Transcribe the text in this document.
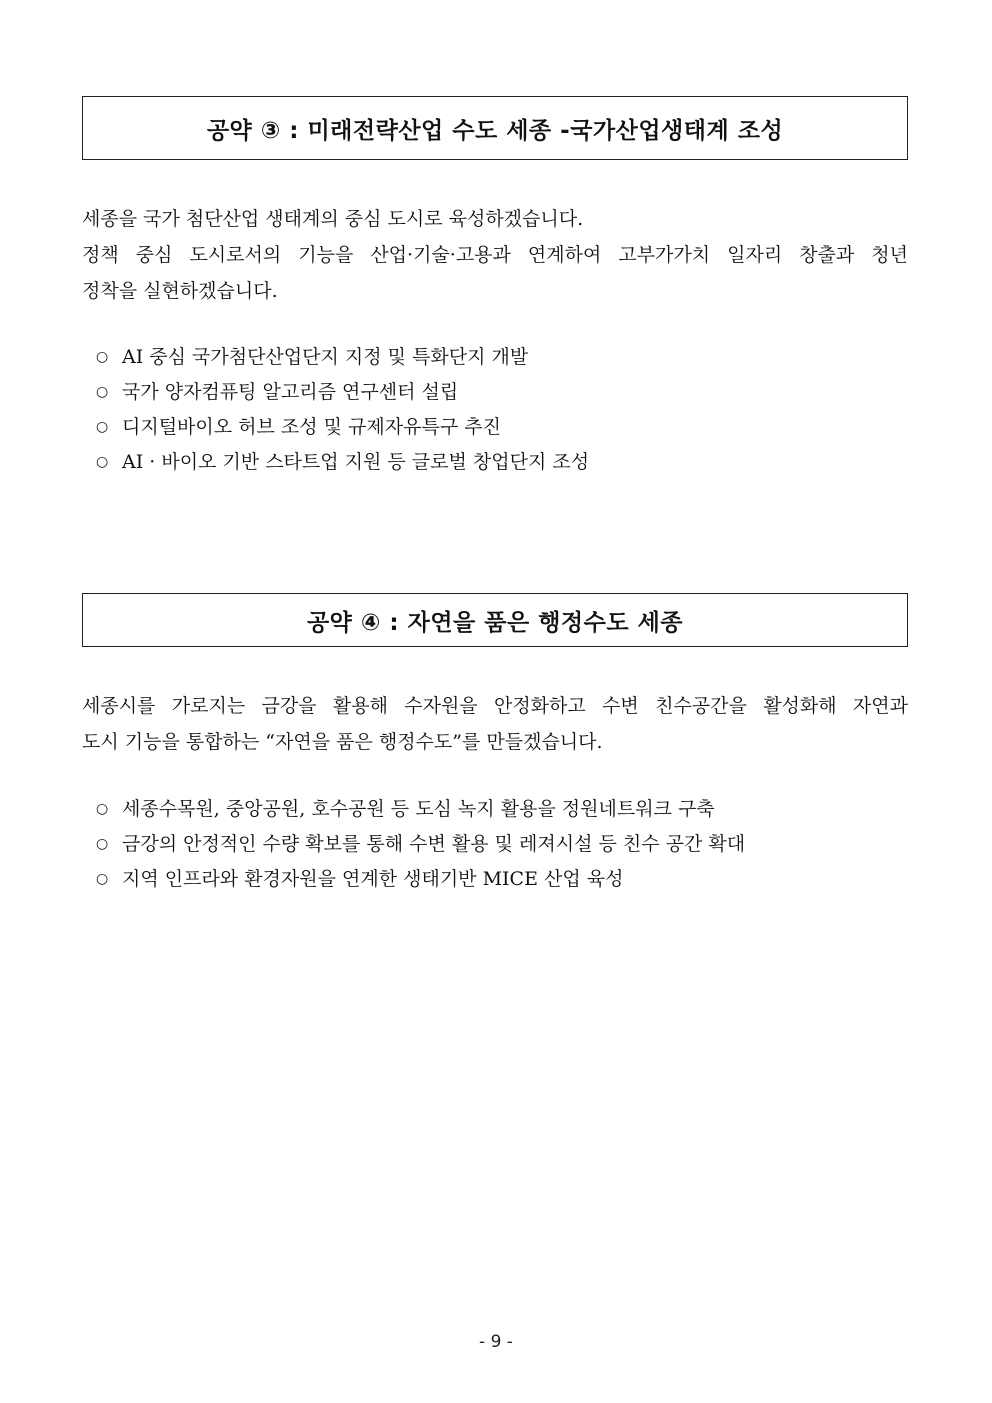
공약 ③ : 미래전략산업 수도 세종 -국가산업생태계 조성
세종을 국가 첨단산업 생태계의 중심 도시로 육성하겠습니다.
정책 중심 도시로서의 기능을 산업·기술·고용과 연계하여 고부가가치 일자리 창출과 청년
정착을 실현하겠습니다.
○ AI 중심 국가첨단산업단지 지정 및 특화단지 개발
○ 국가 양자컴퓨팅 알고리즘 연구센터 설립
○ 디지털바이오 허브 조성 및 규제자유특구 추진
○ AI · 바이오 기반 스타트업 지원 등 글로벌 창업단지 조성
공약 ④ : 자연을 품은 행정수도 세종
세종시를 가로지는 금강을 활용해 수자원을 안정화하고 수변 친수공간을 활성화해 자연과
도시 기능을 통합하는 “자연을 품은 행정수도”를 만들겠습니다.
○ 세종수목원, 중앙공원, 호수공원 등 도심 녹지 활용을 정원네트워크 구축
○ 금강의 안정적인 수량 확보를 통해 수변 활용 및 레져시설 등 친수 공간 확대
○ 지역 인프라와 환경자원을 연계한 생태기반 MICE 산업 육성
- 9 -
